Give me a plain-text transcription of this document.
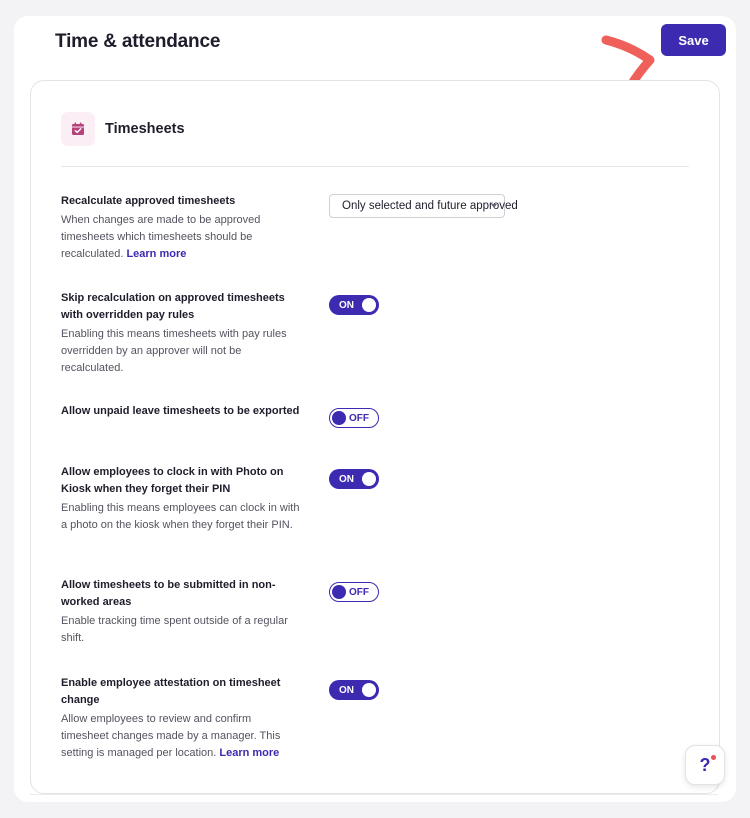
Time & attendance	Save
Timesheets
Recalculate approved timesheets
When changes are made to be approved timesheets which timesheets should be recalculated. Learn more
Only selected and future approved
Skip recalculation on approved timesheets with overridden pay rules
Enabling this means timesheets with pay rules overridden by an approver will not be recalculated.
ON
Allow unpaid leave timesheets to be exported
OFF
Allow employees to clock in with Photo on Kiosk when they forget their PIN
Enabling this means employees can clock in with a photo on the kiosk when they forget their PIN.
ON
Allow timesheets to be submitted in non-worked areas
Enable tracking time spent outside of a regular shift.
OFF
Enable employee attestation on timesheet change
Allow employees to review and confirm timesheet changes made by a manager. This setting is managed per location. Learn more
ON
?
